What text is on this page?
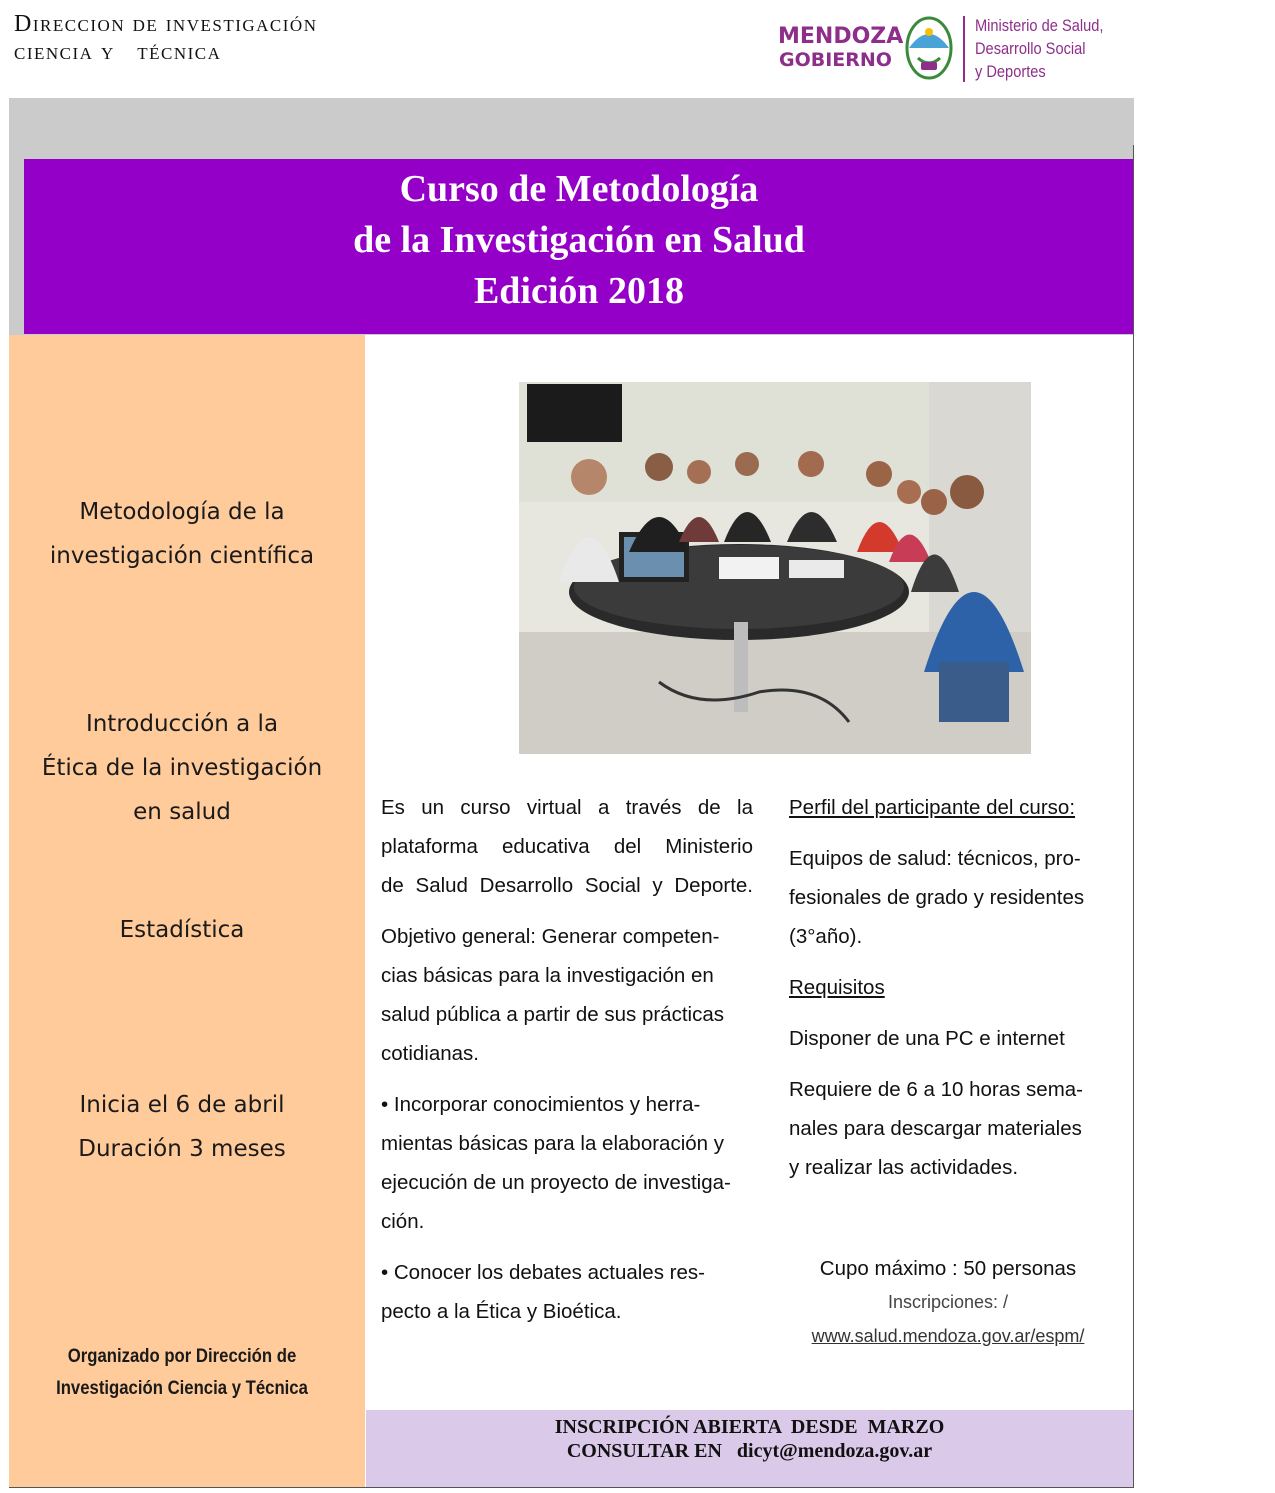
Direccion de investigación
ciencia y   técnica
MENDOZA
GOBIERNO
Ministerio de Salud,
Desarrollo Social
y Deportes
Curso de Metodología
de la Investigación en Salud
Edición 2018
Metodología de la
investigación científica
Introducción a la
Ética de la investigación
en salud
Estadística
Inicia el 6 de abril
Duración 3 meses
Organizado por Dirección de
Investigación Ciencia y Técnica

Es un curso virtual a través de la
plataforma educativa del Ministerio
de Salud Desarrollo Social y Deporte.

Objetivo general: Generar competen-
cias básicas para la investigación en
salud pública a partir de sus prácticas
cotidianas.

• Incorporar conocimientos y herra-
mientas básicas para la elaboración y
ejecución de un proyecto de investiga-
ción.

• Conocer los debates actuales res-
pecto a la Ética y Bioética.

Perfil del participante del curso:

Equipos de salud: técnicos, pro-
fesionales de grado y residentes
(3°año).

Requisitos

Disponer de una PC e internet

Requiere de 6 a 10 horas sema-
nales para descargar materiales
y realizar las actividades.

Cupo máximo : 50 personas
Inscripciones: /
www.salud.mendoza.gov.ar/espm/
INSCRIPCIÓN ABIERTA  DESDE  MARZO
CONSULTAR EN   dicyt@mendoza.gov.ar
